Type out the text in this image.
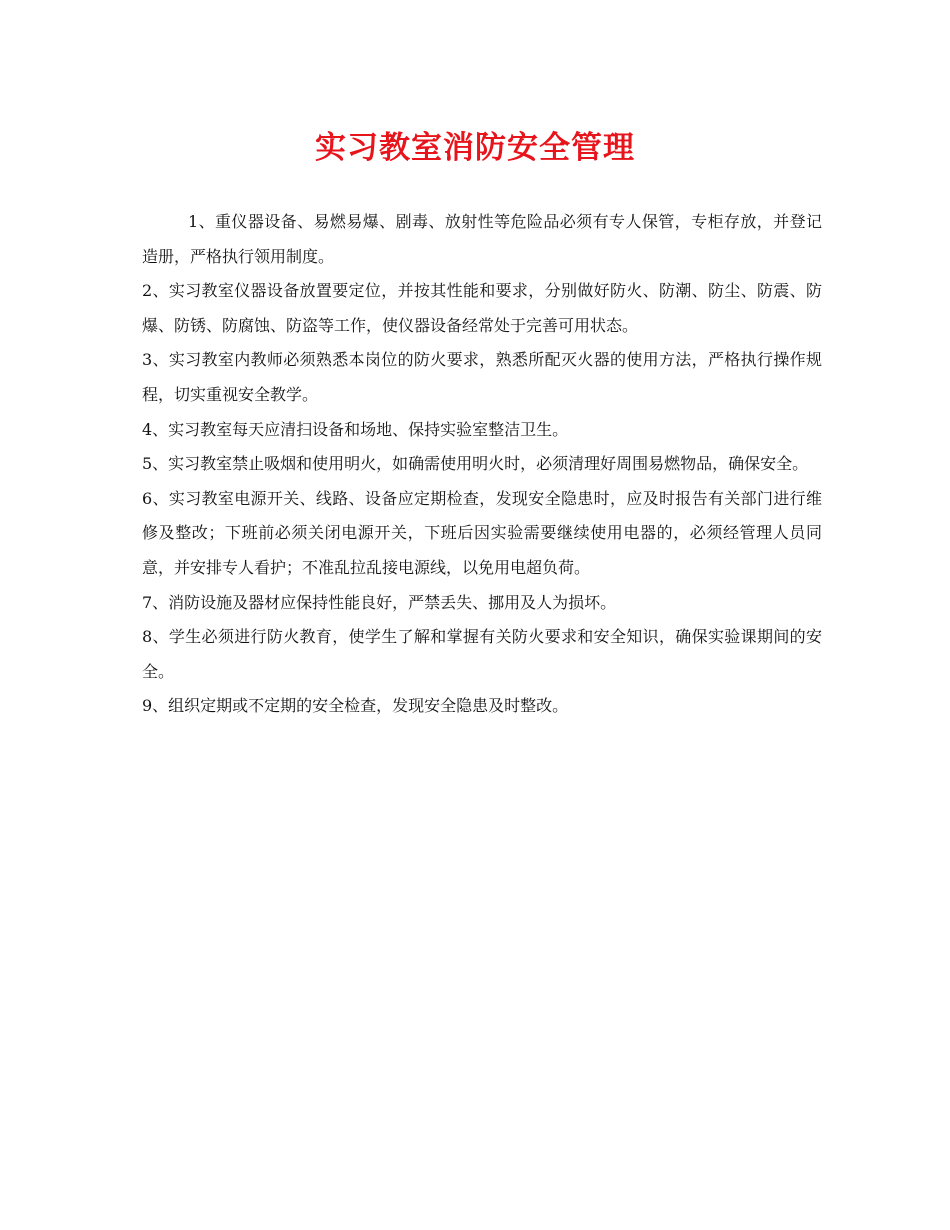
实习教室消防安全管理

1、重仪器设备、易燃易爆、剧毒、放射性等危险品必须有专人保管，专柜存放，并登记造册，严格执行领用制度。

2、实习教室仪器设备放置要定位，并按其性能和要求，分别做好防火、防潮、防尘、防震、防爆、防锈、防腐蚀、防盗等工作，使仪器设备经常处于完善可用状态。

3、实习教室内教师必须熟悉本岗位的防火要求，熟悉所配灭火器的使用方法，严格执行操作规程，切实重视安全教学。

4、实习教室每天应清扫设备和场地、保持实验室整洁卫生。

5、实习教室禁止吸烟和使用明火，如确需使用明火时，必须清理好周围易燃物品，确保安全。

6、实习教室电源开关、线路、设备应定期检查，发现安全隐患时，应及时报告有关部门进行维修及整改；下班前必须关闭电源开关，下班后因实验需要继续使用电器的，必须经管理人员同意，并安排专人看护；不准乱拉乱接电源线，以免用电超负荷。

7、消防设施及器材应保持性能良好，严禁丢失、挪用及人为损坏。

8、学生必须进行防火教育，使学生了解和掌握有关防火要求和安全知识，确保实验课期间的安全。

9、组织定期或不定期的安全检查，发现安全隐患及时整改。
